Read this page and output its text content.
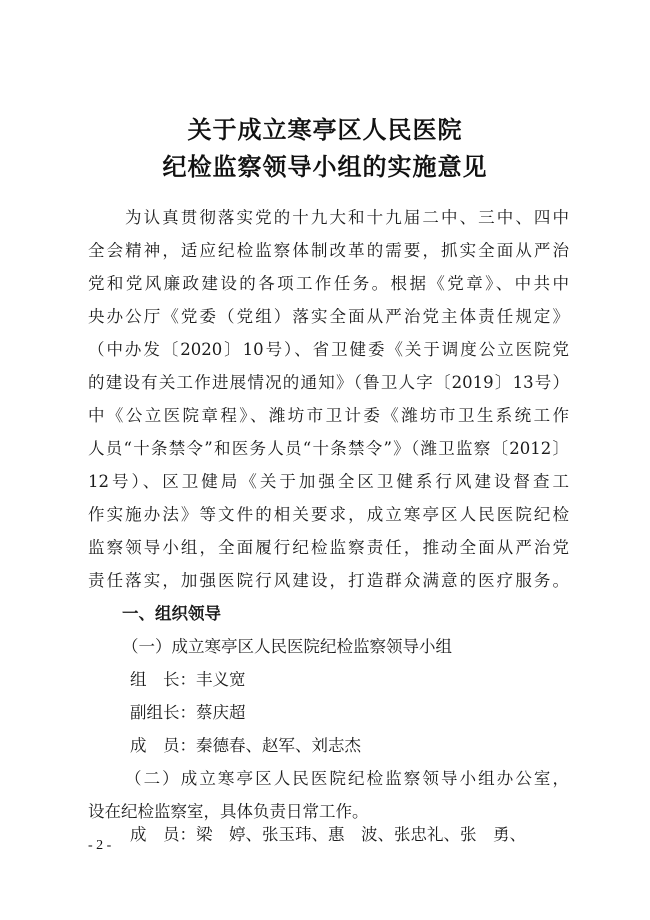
关于成立寒亭区人民医院
纪检监察领导小组的实施意见
为认真贯彻落实党的十九大和十九届二中、三中、四中
全会精神，适应纪检监察体制改革的需要，抓实全面从严治
党和党风廉政建设的各项工作任务。根据《党章》、中共中
央办公厅《党委（党组）落实全面从严治党主体责任规定》
（中办发〔2020〕10号）、省卫健委《关于调度公立医院党
的建设有关工作进展情况的通知》（鲁卫人字〔2019〕13号）
中《公立医院章程》、潍坊市卫计委《潍坊市卫生系统工作
人员“十条禁令”和医务人员“十条禁令”》（潍卫监察〔2012〕
12号）、区卫健局《关于加强全区卫健系行风建设督查工
作实施办法》等文件的相关要求，成立寒亭区人民医院纪检
监察领导小组，全面履行纪检监察责任，推动全面从严治党
责任落实，加强医院行风建设，打造群众满意的医疗服务。
一、组织领导
（一）成立寒亭区人民医院纪检监察领导小组
组　长：丰义宽
副组长：蔡庆超
成　员：秦德春、赵军、刘志杰
（二）成立寒亭区人民医院纪检监察领导小组办公室，
设在纪检监察室，具体负责日常工作。
成　员：梁　婷、张玉玮、惠　波、张忠礼、张　勇、
- 2 -
